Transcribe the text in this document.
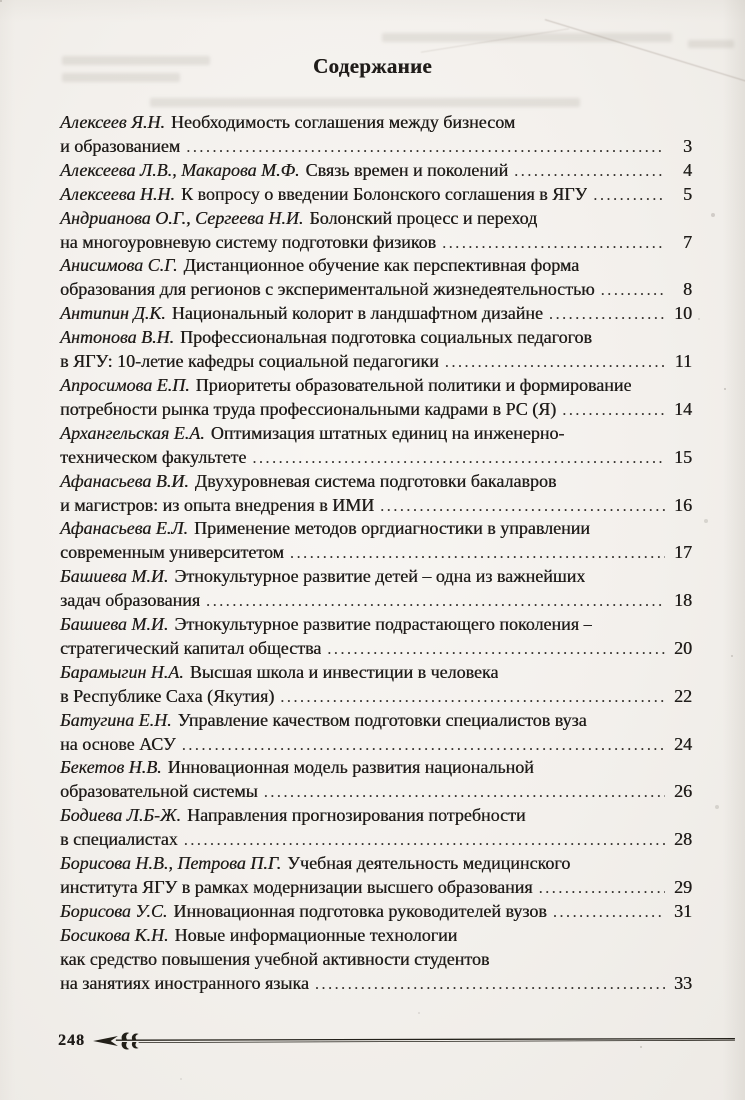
Содержание
Алексеев Я.Н. Необходимость соглашения между бизнесом
и образованием .....	3
Алексеева Л.В., Макарова М.Ф. Связь времен и поколений .....	4
Алексеева Н.Н. К вопросу о введении Болонского соглашения в ЯГУ .....	5
Андрианова О.Г., Сергеева Н.И. Болонский процесс и переход
на многоуровневую систему подготовки физиков .....	7
Анисимова С.Г. Дистанционное обучение как перспективная форма
образования для регионов с экспериментальной жизнедеятельностью .....	8
Антипин Д.К. Национальный колорит в ландшафтном дизайне .....	10
Антонова В.Н. Профессиональная подготовка социальных педагогов
в ЯГУ: 10-летие кафедры социальной педагогики .....	11
Апросимова Е.П. Приоритеты образовательной политики и формирование
потребности рынка труда профессиональными кадрами в РС (Я) .....	14
Архангельская Е.А. Оптимизация штатных единиц на инженерно-
техническом факультете .....	15
Афанасьева В.И. Двухуровневая система подготовки бакалавров
и магистров: из опыта внедрения в ИМИ .....	16
Афанасьева Е.Л. Применение методов оргдиагностики в управлении
современным университетом .....	17
Башиева М.И. Этнокультурное развитие детей – одна из важнейших
задач образования .....	18
Башиева М.И. Этнокультурное развитие подрастающего поколения –
стратегический капитал общества .....	20
Барамыгин Н.А. Высшая школа и инвестиции в человека
в Республике Саха (Якутия) .....	22
Батугина Е.Н. Управление качеством подготовки специалистов вуза
на основе АСУ .....	24
Бекетов Н.В. Инновационная модель развития национальной
образовательной системы .....	26
Бодиева Л.Б-Ж. Направления прогнозирования потребности
в специалистах .....	28
Борисова Н.В., Петрова П.Г. Учебная деятельность медицинского
института ЯГУ в рамках модернизации высшего образования .....	29
Борисова У.С. Инновационная подготовка руководителей вузов .....	31
Босикова К.Н. Новые информационные технологии
как средство повышения учебной активности студентов
на занятиях иностранного языка .....	33
248
